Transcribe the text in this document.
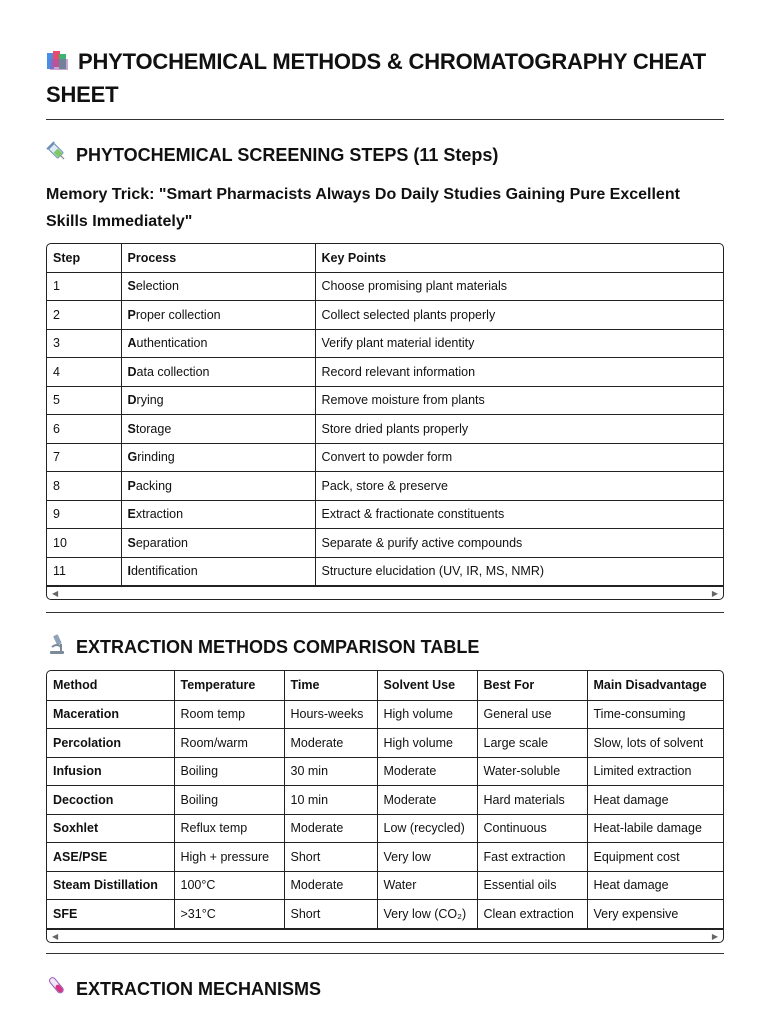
PHYTOCHEMICAL METHODS & CHROMATOGRAPHY CHEAT SHEET
PHYTOCHEMICAL SCREENING STEPS (11 Steps)
Memory Trick: "Smart Pharmacists Always Do Daily Studies Gaining Pure Excellent Skills Immediately"
Step	Process	Key Points
1	Selection	Choose promising plant materials
2	Proper collection	Collect selected plants properly
3	Authentication	Verify plant material identity
4	Data collection	Record relevant information
5	Drying	Remove moisture from plants
6	Storage	Store dried plants properly
7	Grinding	Convert to powder form
8	Packing	Pack, store & preserve
9	Extraction	Extract & fractionate constituents
10	Separation	Separate & purify active compounds
11	Identification	Structure elucidation (UV, IR, MS, NMR)
◀	▶
EXTRACTION METHODS COMPARISON TABLE
Method	Temperature	Time	Solvent Use	Best For	Main Disadvantage
Maceration	Room temp	Hours-weeks	High volume	General use	Time-consuming
Percolation	Room/warm	Moderate	High volume	Large scale	Slow, lots of solvent
Infusion	Boiling	30 min	Moderate	Water-soluble	Limited extraction
Decoction	Boiling	10 min	Moderate	Hard materials	Heat damage
Soxhlet	Reflux temp	Moderate	Low (recycled)	Continuous	Heat-labile damage
ASE/PSE	High + pressure	Short	Very low	Fast extraction	Equipment cost
Steam Distillation	100°C	Moderate	Water	Essential oils	Heat damage
SFE	>31°C	Short	Very low (CO₂)	Clean extraction	Very expensive
◀	▶
EXTRACTION MECHANISMS
